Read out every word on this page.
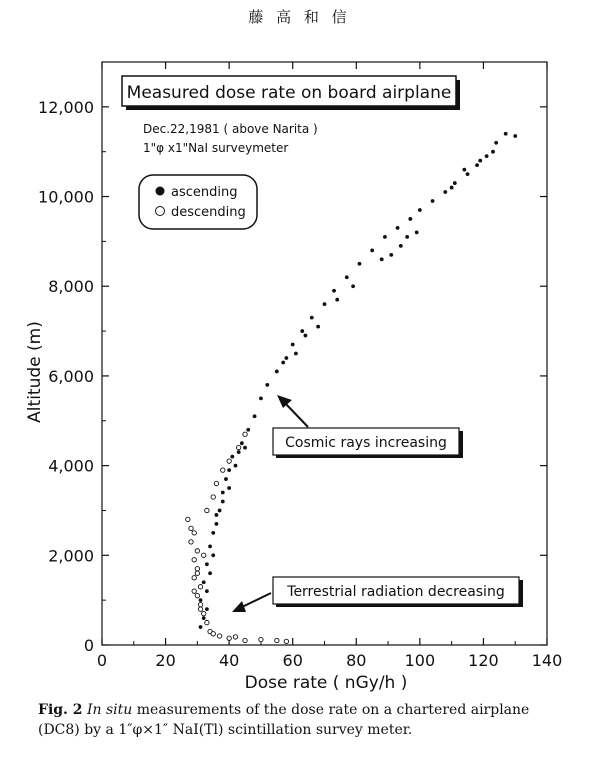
藤 高 和 信
0	20	40	60	80 100 120 140
0
2,000
4,000
6,000
8,000
10,000
12,000
Measured dose rate on board airplane
Dec.22,1981 ( above Narita )
1"φ x1"NaI surveymeter
ascending
descending
Cosmic rays increasing
Terrestrial radiation decreasing
Dose rate ( nGy/h )
Altitude (m)
Fig. 2 In situ measurements of the dose rate on a chartered airplane (DC8) by a 1″φ×1″ NaI(Tl) scintillation survey meter.
